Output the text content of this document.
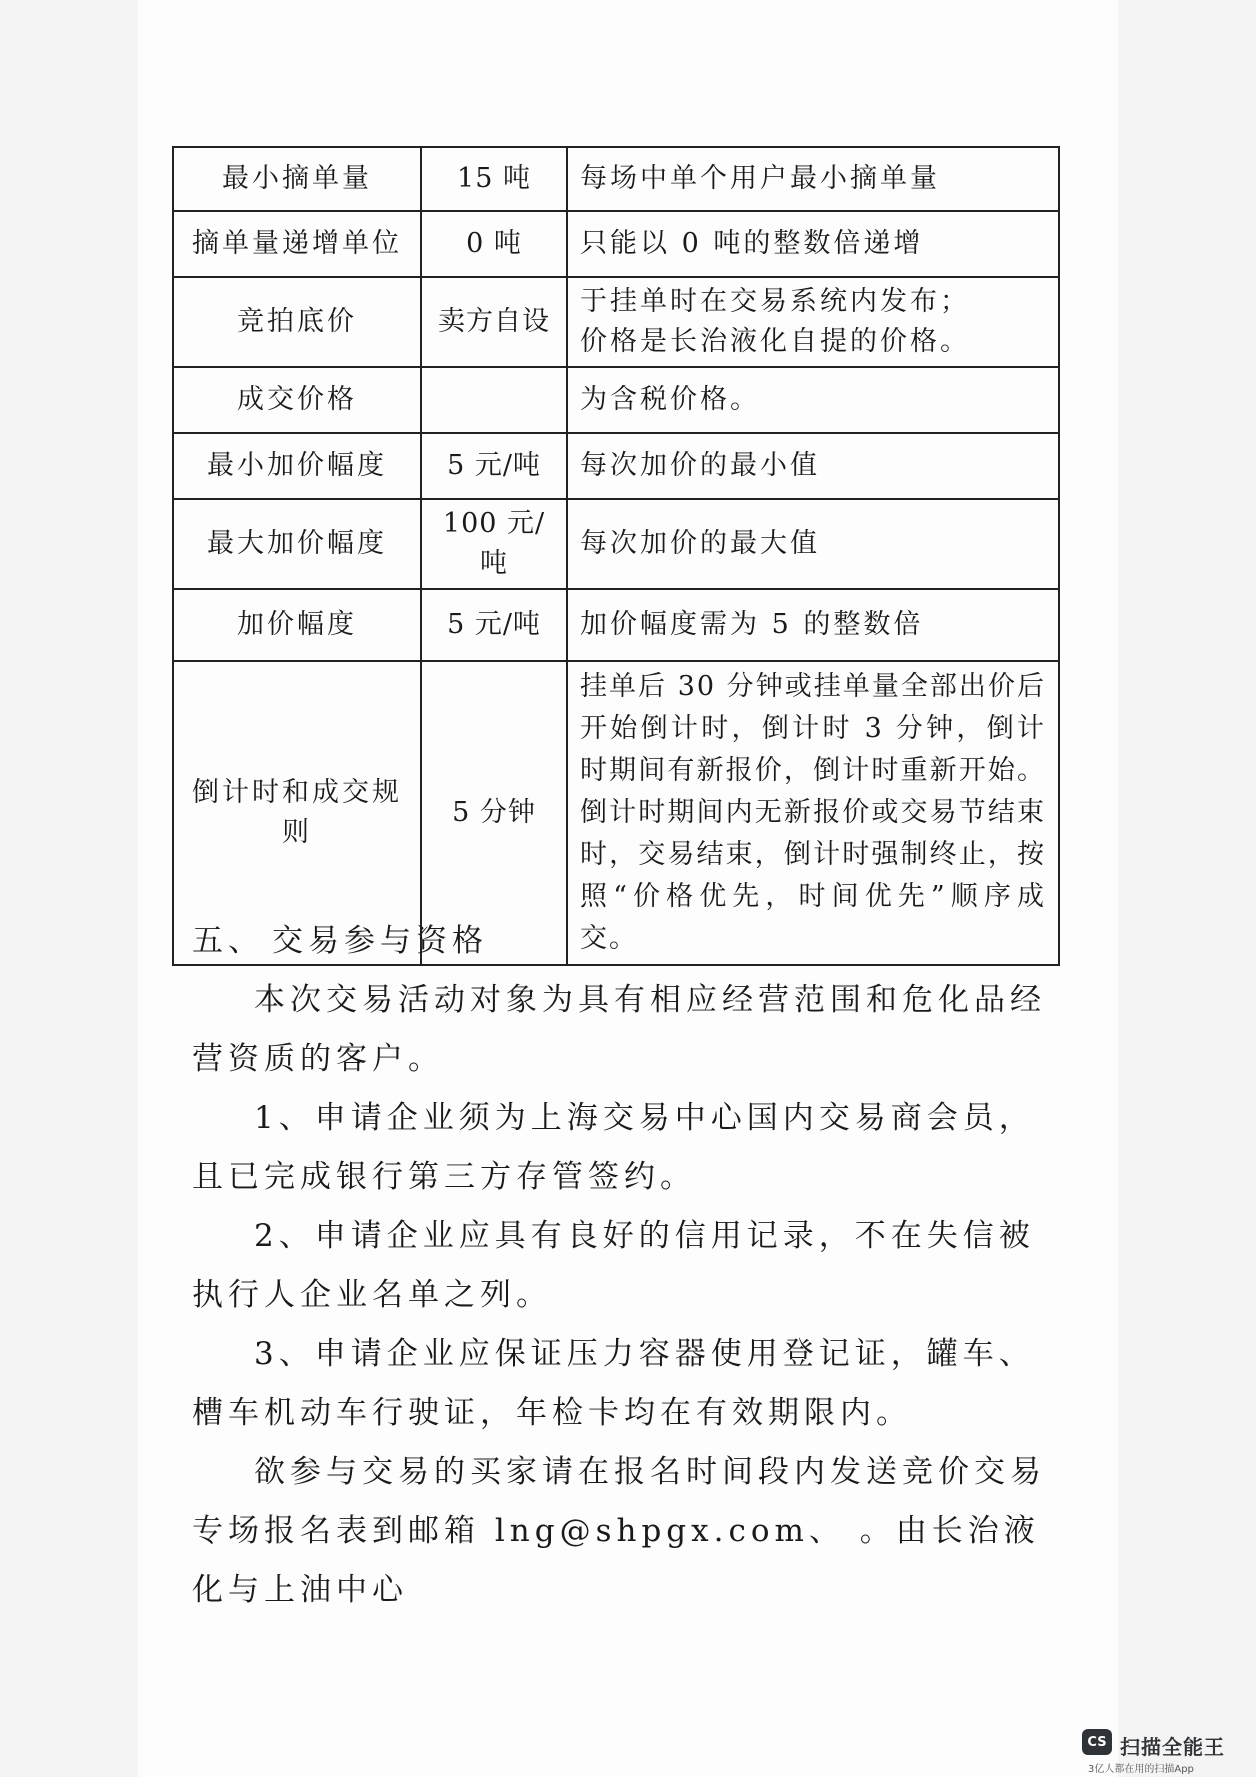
最小摘单量	15 吨	每场中单个用户最小摘单量
摘单量递增单位	0 吨	只能以 0 吨的整数倍递增
竞拍底价	卖方自设	于挂单时在交易系统内发布；
价格是长治液化自提的价格。

成交价格		为含税价格。
最小加价幅度	5 元/吨	每次加价的最小值
最大加价幅度	100 元/吨	每次加价的最大值
加价幅度	5 元/吨	加价幅度需为 5 的整数倍
倒计时和成交规则	5 分钟	挂单后 30 分钟或挂单量全部出价后开始倒计时，倒计时 3 分钟，倒计时期间有新报价，倒计时重新开始。倒计时期间内无新报价或交易节结束时，交易结束，倒计时强制终止，按照“价格优先，时间优先”顺序成交。

五、 交易参与资格

本次交易活动对象为具有相应经营范围和危化品经营资质的客户。

1、申请企业须为上海交易中心国内交易商会员，且已完成银行第三方存管签约。

2、申请企业应具有良好的信用记录，不在失信被执行人企业名单之列。

3、申请企业应保证压力容器使用登记证，罐车、槽车机动车行驶证，年检卡均在有效期限内。

欲参与交易的买家请在报名时间段内发送竞价交易专场报名表到邮箱 lng@shpgx.com、 。由长治液化与上油中心

CS 扫描全能王
3亿人都在用的扫描App
